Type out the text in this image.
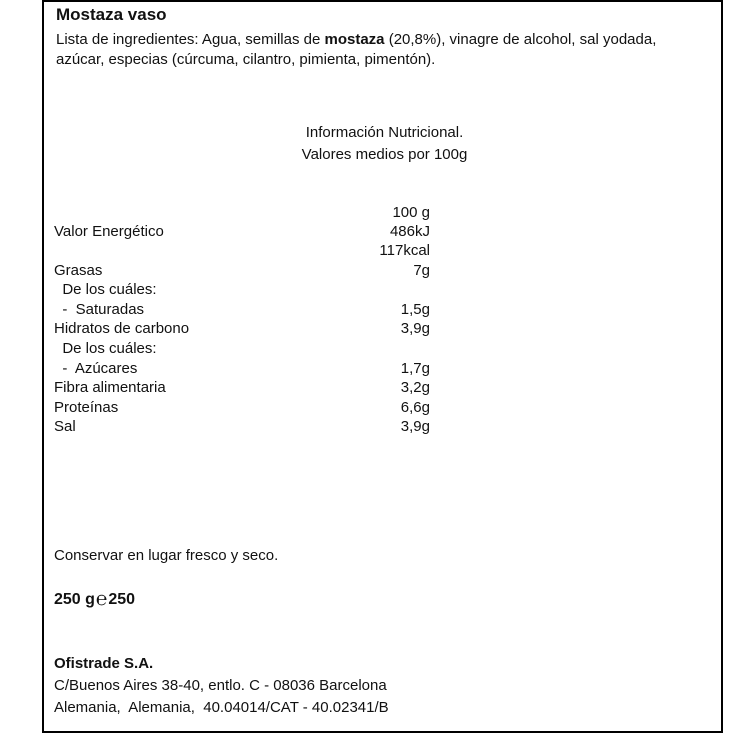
Mostaza vaso
Lista de ingredientes: Agua, semillas de mostaza (20,8%), vinagre de alcohol, sal yodada, azúcar, especias (cúrcuma, cilantro, pimienta, pimentón).
Información Nutricional.
Valores medios por 100g
100 g
Valor Energético	486kJ
117kcal
Grasas	7g
De los cuáles:
-  Saturadas	1,5g
Hidratos de carbono	3,9g
De los cuáles:
-  Azúcares	1,7g
Fibra alimentaria	3,2g
Proteínas	6,6g
Sal	3,9g
Conservar en lugar fresco y seco.
250 g℮250
Ofistrade S.A.
C/Buenos Aires 38-40, entlo. C - 08036 Barcelona
Alemania,  Alemania,  40.04014/CAT - 40.02341/B
